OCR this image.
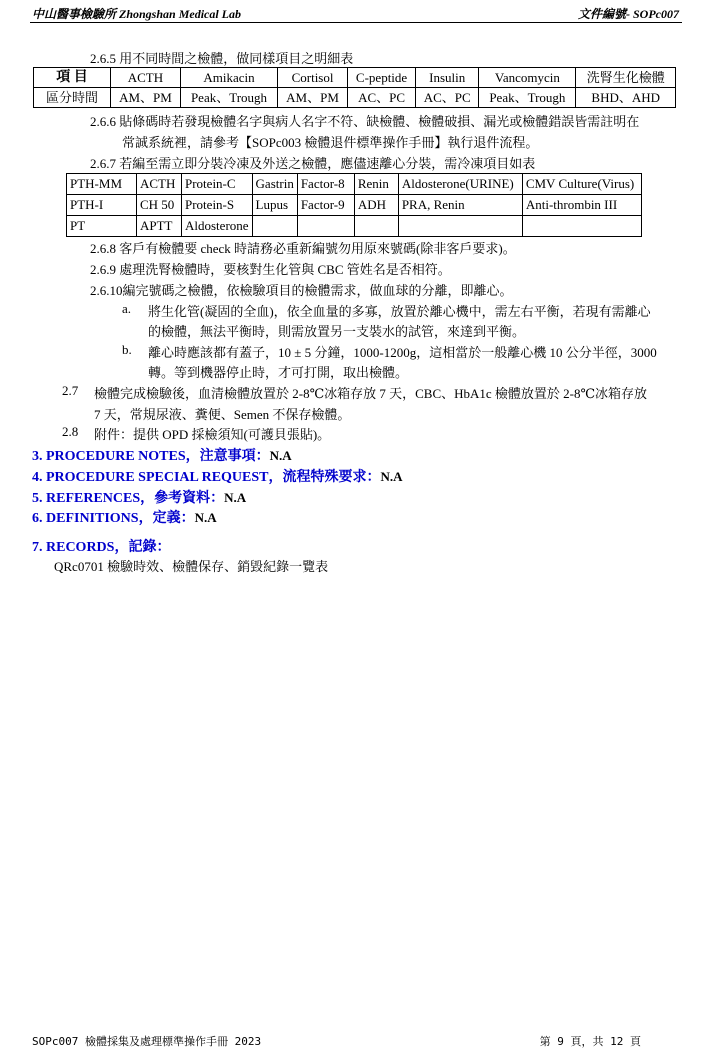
中山醫事檢驗所 Zhongshan Medical Lab	文件編號- SOPc007
2.6.5 用不同時間之檢體，做同樣項目之明細表
項 目	ACTH	Amikacin	Cortisol	C-peptide	Insulin	Vancomycin	洗腎生化檢體
區分時間	AM、PM	Peak、Trough	AM、PM	AC、PC	AC、PC	Peak、Trough	BHD、AHD
2.6.6 貼條碼時若發現檢體名字與病人名字不符、缺檢體、檢體破損、漏光或檢體錯誤皆需註明在
常誠系統裡，請參考【SOPc003 檢體退件標準操作手冊】執行退件流程。
2.6.7 若編至需立即分裝冷凍及外送之檢體，應儘速離心分裝，需冷凍項目如表
PTH-MM	ACTH	Protein-C	Gastrin	Factor-8	Renin	Aldosterone(URINE)	CMV Culture(Virus)
PTH-I	CH 50	Protein-S	Lupus	Factor-9	ADH	PRA, Renin	Anti-thrombin III
PT	APTT	Aldosterone					
2.6.8 客戶有檢體要 check 時請務必重新編號勿用原來號碼(除非客戶要求)。
2.6.9 處理洗腎檢體時，要核對生化管與 CBC 管姓名是否相符。
2.6.10編完號碼之檢體，依檢驗項目的檢體需求，做血球的分離，即離心。
a. 將生化管(凝固的全血)，依全血量的多寡，放置於離心機中，需左右平衡，若現有需離心
的檢體，無法平衡時，則需放置另一支裝水的試管，來達到平衡。
b. 離心時應該都有蓋子，10 ± 5 分鐘，1000-1200g，這相當於一般離心機 10 公分半徑，3000
轉。等到機器停止時，才可打開，取出檢體。
2.7 檢體完成檢驗後，血清檢體放置於 2-8℃冰箱存放 7 天，CBC、HbA1c 檢體放置於 2-8℃冰箱存放
7 天，常規尿液、糞便、Semen 不保存檢體。
2.8 附件：提供 OPD 採檢須知(可護貝張貼)。
3. PROCEDURE NOTES，注意事項：N.A
4. PROCEDURE SPECIAL REQUEST，流程特殊要求：N.A
5. REFERENCES，參考資料：N.A
6. DEFINITIONS，定義：N.A
7. RECORDS，記錄：
QRc0701 檢驗時效、檢體保存、銷毀紀錄一覽表
SOPc007 檢體採集及處理標準操作手冊 2023	第 9 頁，共 12 頁
